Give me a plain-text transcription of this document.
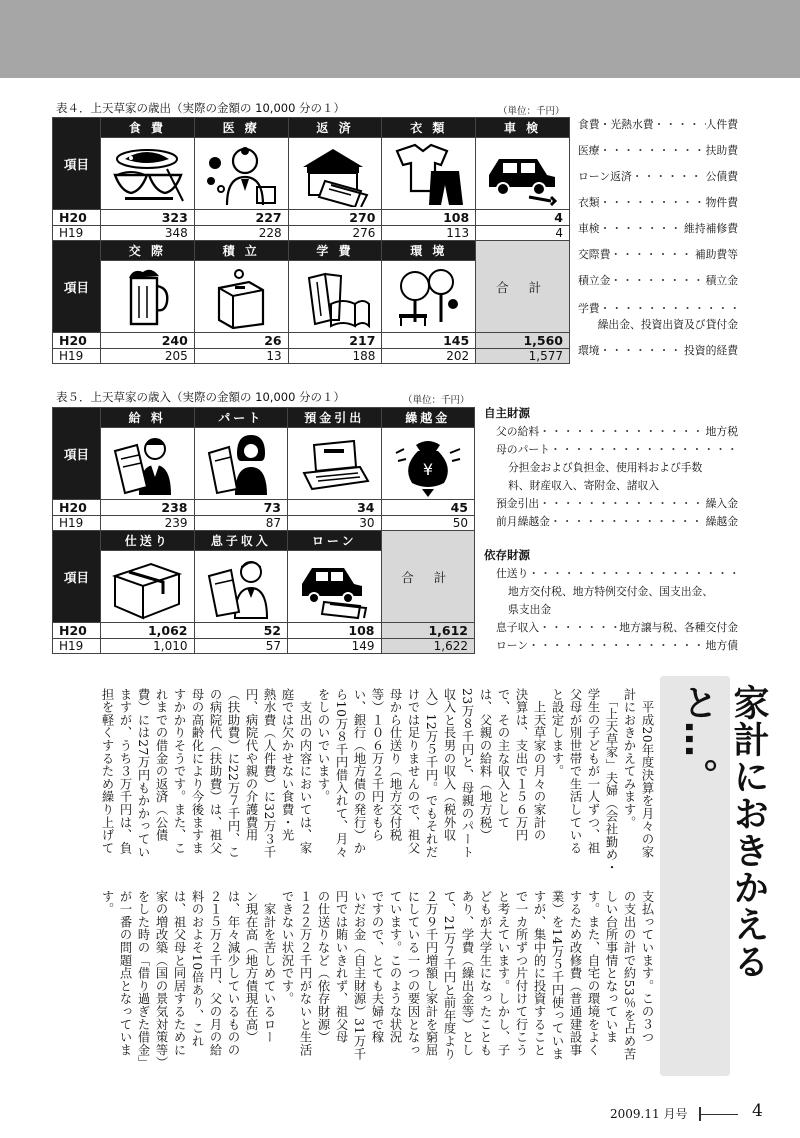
表４．上天草家の歳出（実際の金額の 10,000 分の１）	（単位：千円）
項目	食 費	医 療	返 済	衣 類	車 検

H20	323	227	270	108	4
H19	348	228	276	113	4
項目	交 際	積 立	学 費	環 境	合 計

H20	240	26	217	145	1,560
H19	205	13	188	202	1,577
食費・光熱水費 ・・・・・・・・・・・・・・・・・・・・・・・・・・・・・・・・・・・・・・・・	人件費
医療 ・・・・・・・・・・・・・・・・・・・・・・・・・・・・・・・・・・・・・・・・	扶助費
ローン返済 ・・・・・・・・・・・・・・・・・・・・・・・・・・・・・・・・・・・・・・・・	公債費
衣類 ・・・・・・・・・・・・・・・・・・・・・・・・・・・・・・・・・・・・・・・・	物件費
車検 ・・・・・・・・・・・・・・・・・・・・・・・・・・・・・・・・・・・・・・・・	維持補修費
交際費 ・・・・・・・・・・・・・・・・・・・・・・・・・・・・・・・・・・・・・・・・	補助費等
積立金 ・・・・・・・・・・・・・・・・・・・・・・・・・・・・・・・・・・・・・・・・	積立金
学費
・・・・・・・・・・・・・・・・・・・・・・・・・・・・・・・・・・・・・・・・
繰出金、投資出資及び貸付金
環境 ・・・・・・・・・・・・・・・・・・・・・・・・・・・・・・・・・・・・・・・・	投資的経費
表５．上天草家の歳入（実際の金額の 10,000 分の１）	（単位：千円）
項目	給 料	パート	預金引出	繰越金

¥

H20	238	73	34	45
H19	239	87	30	50
項目	仕送り	息子収入	ローン	合 計

H20	1,062	52	108	1,612
H19	1,010	57	149	1,622
自主財源
父の給料 ・・・・・・・・・・・・・・・・・・・・・・・・・・・・・・・・・・・・・・・・・	地方税
母のパート
・・・・・・・・・・・・・・・・・・・・・・・・・・・・・・・・・・・・・・・・・
分担金および負担金、使用料および手数
料、財産収入、寄附金、諸収入
預金引出 ・・・・・・・・・・・・・・・・・・・・・・・・・・・・・・・・・・・・・・・・・	繰入金
前月繰越金 ・・・・・・・・・・・・・・・・・・・・・・・・・・・・・・・・・・・・・・・・・	繰越金
依存財源
仕送り
・・・・・・・・・・・・・・・・・・・・・・・・・・・・・・・・・・・・・・・・・
地方交付税、地方特例交付金、国支出金、
県支出金
息子収入 ・・・・・・・・・・・・・・・・・・・・・・・・・・・・・・・・・・・・・・・・・	地方譲与税、各種交付金
ローン ・・・・・・・・・・・・・・・・・・・・・・・・・・・・・・・・・・・・・・・・・	地方債
家計におきかえると…。
　平成20年度決算を月々の家
計におきかえてみます。
　「上天草家」夫婦（会社勤め・
学生の子どもが一人ずつ、祖
父母が別世帯で生活している
と設定します。
　上天草家の月々の家計の
決算は、支出で１５６万円
で、その主な収入として
は、父親の給料（地方税）
23万８千円と、母親のパート
収入と長男の収入（税外収
入）12万５千円。でもそれだ
けでは足りませんので、祖父
母から仕送り（地方交付税
等）１０６万２千円をもら
い、銀行（地方債の発行）か
ら10万８千円借入れて、月々
をしのいでいます。
　支出の内容においては、家
庭では欠かせない食費・光
熱水費（人件費）に32万３千
円、病院代や親の介護費用
（扶助費）に22万７千円、こ
の病院代（扶助費）は、祖父
母の高齢化により今後ますま
すかかりそうです。また、こ
れまでの借金の返済（公債
費）には27万円もかかってい
ますが、うち３万千円は、負
担を軽くするため繰り上げて
支払っています。この３つ
の支出の計で約53％を占め苦
しい台所事情となっていま
す。また、自宅の環境をよく
するため改修費（普通建設事
業）を14万５千円使っていま
すが、集中的に投資すること
で一カ所ずつ片付けて行こう
と考えています。しかし、子
どもが大学生になったことも
あり、学費（繰出金等）とし
て、21万７千円と前年度より
２万９千円増額し家計を窮屈
にしている一つの要因となっ
ています。このような状況
ですので、とても夫婦で稼
いだお金（自主財源）31万千
円では賄いきれず、祖父母
の仕送りなど（依存財源）
１２２万２千円がないと生活
できない状況です。
　家計を苦しめているロー
ン現在高（地方債現在高）
は、年々減少しているものの
２１５万２千円、父の月の給
料のおよそ10倍あり、これ
は、祖父母と同居するために
家の増改築（国の景気対策等）
をした時の「借り過ぎた借金」
が一番の問題点となっていま
す。
2009.11 月号	4
